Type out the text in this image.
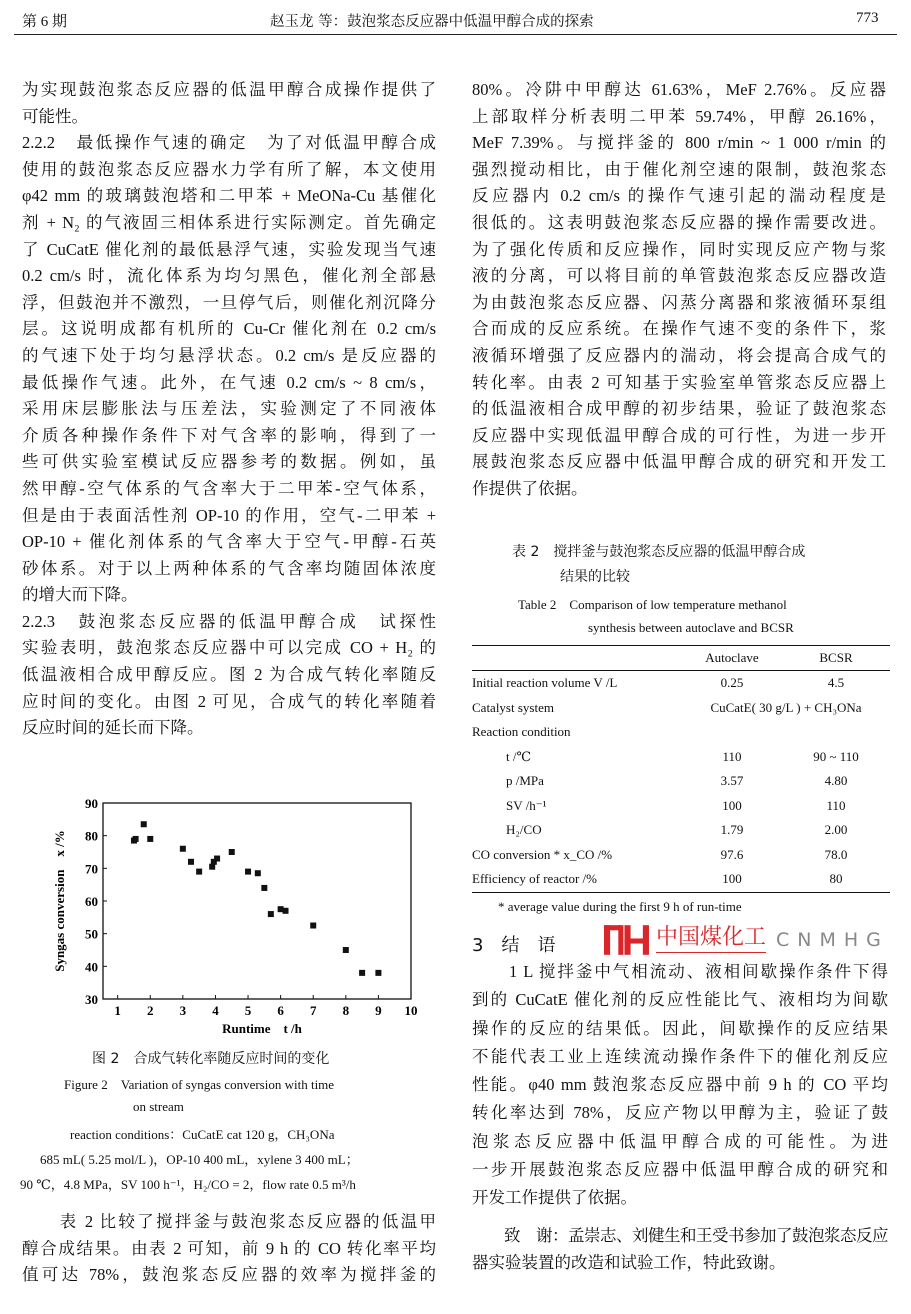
第 6 期	赵玉龙 等：鼓泡浆态反应器中低温甲醇合成的探索	773
为实现鼓泡浆态反应器的低温甲醇合成操作提供了
可能性。
2.2.2　最低操作气速的确定　为了对低温甲醇合成
使用的鼓泡浆态反应器水力学有所了解，本文使用
φ42 mm 的玻璃鼓泡塔和二甲苯 + MeONa-Cu 基催化
剂 + N₂ 的气液固三相体系进行实际测定。首先确定
了 CuCatE 催化剂的最低悬浮气速，实验发现当气速
0.2 cm/s 时，流化体系为均匀黑色，催化剂全部悬
浮，但鼓泡并不激烈，一旦停气后，则催化剂沉降分
层。这说明成都有机所的 Cu-Cr 催化剂在 0.2 cm/s
的气速下处于均匀悬浮状态。0.2 cm/s 是反应器的
最低操作气速。此外，在气速 0.2 cm/s ~ 8 cm/s，
采用床层膨胀法与压差法，实验测定了不同液体
介质各种操作条件下对气含率的影响，得到了一
些可供实验室模试反应器参考的数据。例如，虽
然甲醇-空气体系的气含率大于二甲苯-空气体系，
但是由于表面活性剂 OP-10 的作用，空气-二甲苯 +
OP-10 + 催化剂体系的气含率大于空气-甲醇-石英
砂体系。对于以上两种体系的气含率均随固体浓度
的增大而下降。
2.2.3　鼓泡浆态反应器的低温甲醇合成　试探性
实验表明，鼓泡浆态反应器中可以完成 CO + H₂ 的
低温液相合成甲醇反应。图 2 为合成气转化率随反
应时间的变化。由图 2 可见，合成气的转化率随着
反应时间的延长而下降。
　　表 2 比较了搅拌釜与鼓泡浆态反应器的低温甲
醇合成结果。由表 2 可知，前 9 h 的 CO 转化率平均
值可达 78%，鼓泡浆态反应器的效率为搅拌釜的
80%。冷阱中甲醇达 61.63%，MeF 2.76%。反应器
上部取样分析表明二甲苯 59.74%，甲醇 26.16%，
MeF 7.39%。与搅拌釜的 800 r/min ~ 1 000 r/min 的
强烈搅动相比，由于催化剂空速的限制，鼓泡浆态
反应器内 0.2 cm/s 的操作气速引起的湍动程度是
很低的。这表明鼓泡浆态反应器的操作需要改进。
为了强化传质和反应操作，同时实现反应产物与浆
液的分离，可以将目前的单管鼓泡浆态反应器改造
为由鼓泡浆态反应器、闪蒸分离器和浆液循环泵组
合而成的反应系统。在操作气速不变的条件下，浆
液循环增强了反应器内的湍动，将会提高合成气的
转化率。由表 2 可知基于实验室单管浆态反应器上
的低温液相合成甲醇的初步结果，验证了鼓泡浆态
反应器中实现低温甲醇合成的可行性，为进一步开
展鼓泡浆态反应器中低温甲醇合成的研究和开发工
作提供了依据。
1 2 3 4 5 6 7 8 9 10
30
40
50
60
70
80
90
Runtime　t /h
Syngas conversion　x /%
图 2　合成气转化率随反应时间的变化
Figure 2　Variation of syngas conversion with time
on stream
reaction conditions：CuCatE cat 120 g，CH₃ONa
685 mL( 5.25 mol/L )，OP-10 400 mL，xylene 3 400 mL；
90 ℃，4.8 MPa，SV 100 h⁻¹，H₂/CO = 2，flow rate 0.5 m³/h
表 2　搅拌釜与鼓泡浆态反应器的低温甲醇合成
结果的比较
Table 2　Comparison of low temperature methanol
synthesis between autoclave and BCSR
	Autoclave	BCSR
Initial reaction volume V /L	0.25	4.5
Catalyst system	CuCatE( 30 g/L ) + CH₃ONa	
Reaction condition		
t /℃	110	90 ~ 110
p /MPa	3.57	4.80
SV /h⁻¹	100	110
H₂/CO	1.79	2.00
CO conversion * x_CO /%	97.6	78.0
Efficiency of reactor /%	100	80
* average value during the first 9 h of run-time
3　结　语
　　1 L 搅拌釜中气相流动、液相间歇操作条件下得
到的 CuCatE 催化剂的反应性能比气、液相均为间歇
操作的反应的结果低。因此，间歇操作的反应结果
不能代表工业上连续流动操作条件下的催化剂反应
性能。φ40 mm 鼓泡浆态反应器中前 9 h 的 CO 平均
转化率达到 78%，反应产物以甲醇为主，验证了鼓
泡浆态反应器中低温甲醇合成的可能性。为进
一步开展鼓泡浆态反应器中低温甲醇合成的研究和
开发工作提供了依据。
　　致　谢：孟崇志、刘健生和王受书参加了鼓泡浆态反应
器实验装置的改造和试验工作，特此致谢。
中国煤化工 CNMHG
